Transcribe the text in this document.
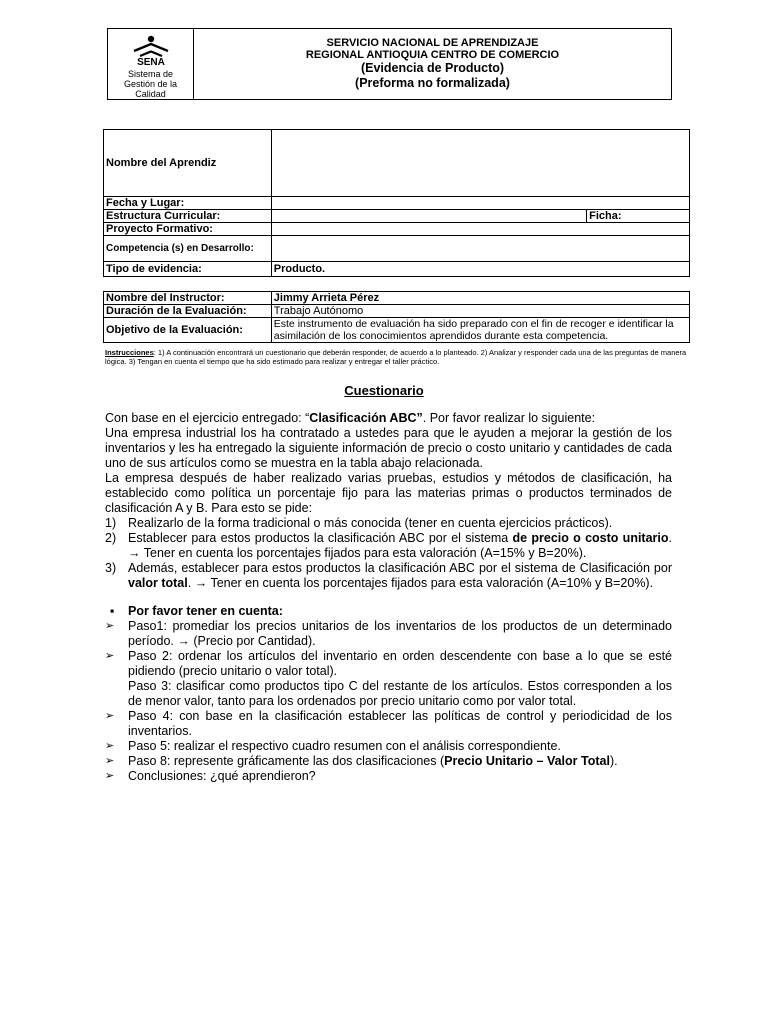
SENA
Sistema de Gestión de la Calidad
SERVICIO NACIONAL DE APRENDIZAJE
REGIONAL ANTIOQUIA CENTRO DE COMERCIO
(Evidencia de Producto)
(Preforma no formalizada)
Nombre del Aprendiz		
Fecha y Lugar:		
Estructura Curricular:		Ficha:
Proyecto Formativo:		
Competencia (s) en Desarrollo:		
Tipo de evidencia:	Producto.	
Nombre del Instructor:	Jimmy Arrieta Pérez
Duración de la Evaluación:	Trabajo Autónomo
Objetivo de la Evaluación:	Este instrumento de evaluación ha sido preparado con el fin de recoger e identificar la asimilación de los conocimientos aprendidos durante esta competencia.
Instrucciones: 1) A continuación encontrará un cuestionario que deberán responder, de acuerdo a lo planteado. 2) Analizar y responder cada una de las preguntas de manera lógica. 3) Tengan en cuenta el tiempo que ha sido estimado para realizar y entregar el taller práctico.
Cuestionario

Con base en el ejercicio entregado: “Clasificación ABC”. Por favor realizar lo siguiente:

Una empresa industrial los ha contratado a ustedes para que le ayuden a mejorar la gestión de los inventarios y les ha entregado la siguiente información de precio o costo unitario y cantidades de cada uno de sus artículos como se muestra en la tabla abajo relacionada.

La empresa después de haber realizado varias pruebas, estudios y métodos de clasificación, ha establecido como política un porcentaje fijo para las materias primas o productos terminados de clasificación A y B. Para esto se pide:

1) Realizarlo de la forma tradicional o más conocida (tener en cuenta ejercicios prácticos).
2) Establecer para estos productos la clasificación ABC por el sistema de precio o costo unitario. → Tener en cuenta los porcentajes fijados para esta valoración (A=15% y B=20%).
3) Además, establecer para estos productos la clasificación ABC por el sistema de Clasificación por valor total. → Tener en cuenta los porcentajes fijados para esta valoración (A=10% y B=20%).
▪ Por favor tener en cuenta:
➢ Paso1: promediar los precios unitarios de los inventarios de los productos de un determinado período. → (Precio por Cantidad).
➢ Paso 2: ordenar los artículos del inventario en orden descendente con base a lo que se esté pidiendo (precio unitario o valor total).
Paso 3: clasificar como productos tipo C del restante de los artículos. Estos corresponden a los de menor valor, tanto para los ordenados por precio unitario como por valor total.
➢ Paso 4: con base en la clasificación establecer las políticas de control y periodicidad de los inventarios.
➢ Paso 5: realizar el respectivo cuadro resumen con el análisis correspondiente.
➢ Paso 8: represente gráficamente las dos clasificaciones (Precio Unitario – Valor Total).
➢ Conclusiones: ¿qué aprendieron?
